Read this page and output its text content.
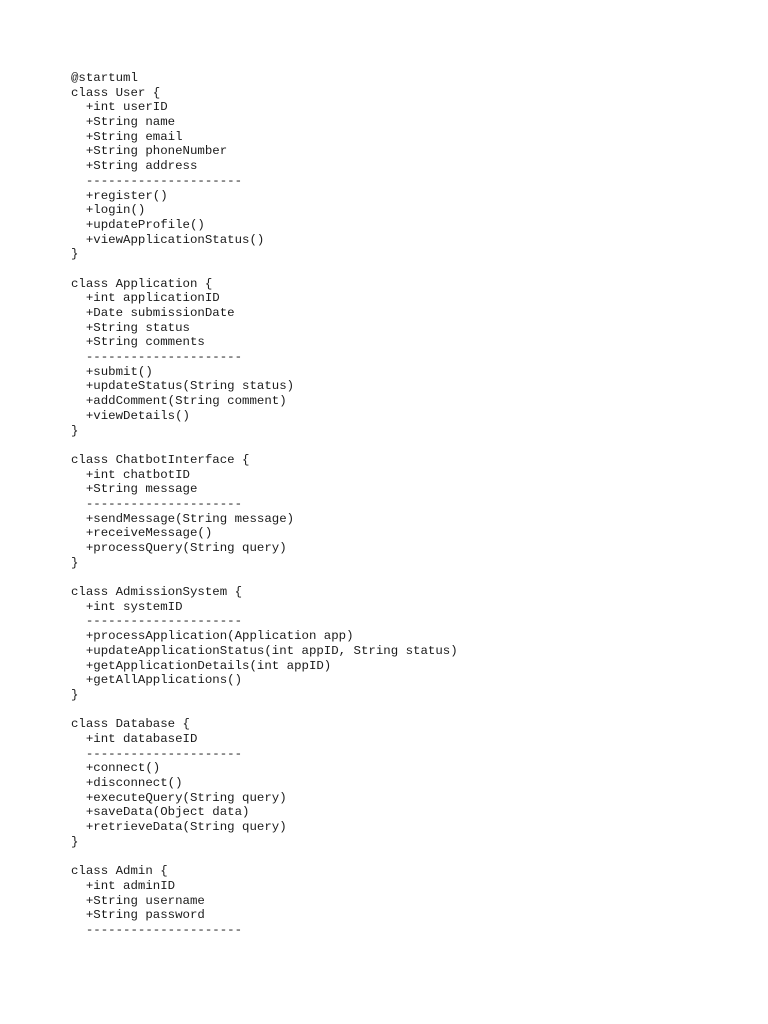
@startuml
class User {
+int userID
+String name
+String email
+String phoneNumber
+String address
---------------------
+register()
+login()
+updateProfile()
+viewApplicationStatus()
}

class Application {
+int applicationID
+Date submissionDate
+String status
+String comments
---------------------
+submit()
+updateStatus(String status)
+addComment(String comment)
+viewDetails()
}

class ChatbotInterface {
+int chatbotID
+String message
---------------------
+sendMessage(String message)
+receiveMessage()
+processQuery(String query)
}

class AdmissionSystem {
+int systemID
---------------------
+processApplication(Application app)
+updateApplicationStatus(int appID, String status)
+getApplicationDetails(int appID)
+getAllApplications()
}

class Database {
+int databaseID
---------------------
+connect()
+disconnect()
+executeQuery(String query)
+saveData(Object data)
+retrieveData(String query)
}

class Admin {
+int adminID
+String username
+String password
---------------------
